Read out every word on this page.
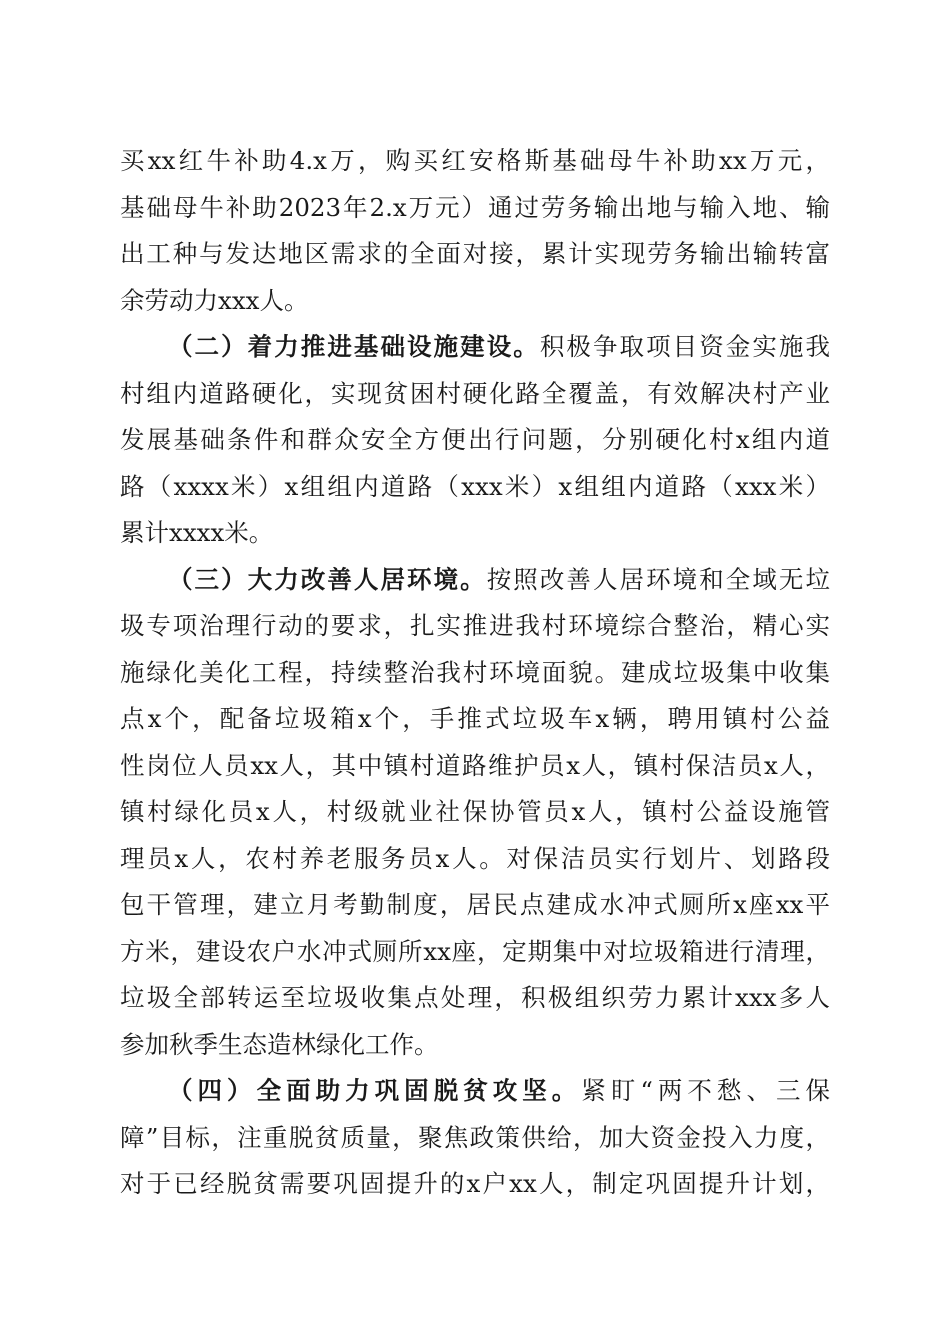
买xx红牛补助4.x万，购买红安格斯基础母牛补助xx万元，
基础母牛补助2023年2.x万元）通过劳务输出地与输入地、输
出工种与发达地区需求的全面对接，累计实现劳务输出输转富
余劳动力xxx人。
（二）着力推进基础设施建设。积极争取项目资金实施我
村组内道路硬化，实现贫困村硬化路全覆盖，有效解决村产业
发展基础条件和群众安全方便出行问题，分别硬化村x组内道
路（xxxx米）x组组内道路（xxx米）x组组内道路（xxx米）
累计xxxx米。
（三）大力改善人居环境。按照改善人居环境和全域无垃
圾专项治理行动的要求，扎实推进我村环境综合整治，精心实
施绿化美化工程，持续整治我村环境面貌。建成垃圾集中收集
点x个，配备垃圾箱x个，手推式垃圾车x辆，聘用镇村公益
性岗位人员xx人，其中镇村道路维护员x人，镇村保洁员x人，
镇村绿化员x人，村级就业社保协管员x人，镇村公益设施管
理员x人，农村养老服务员x人。对保洁员实行划片、划路段
包干管理，建立月考勤制度，居民点建成水冲式厕所x座xx平
方米，建设农户水冲式厕所xx座，定期集中对垃圾箱进行清理，
垃圾全部转运至垃圾收集点处理，积极组织劳力累计xxx多人
参加秋季生态造林绿化工作。
（四）全面助力巩固脱贫攻坚。紧盯“两不愁、三保
障”目标，注重脱贫质量，聚焦政策供给，加大资金投入力度，
对于已经脱贫需要巩固提升的x户xx人，制定巩固提升计划，
